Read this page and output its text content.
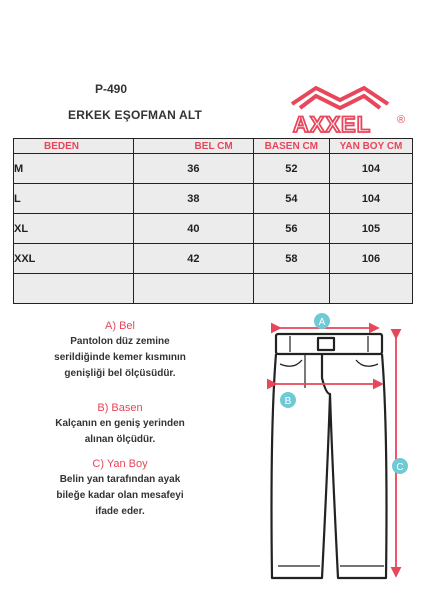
P-490
ERKEK EŞOFMAN ALT	AXXEL ®
BEDEN	BEL CM	BASEN CM	YAN BOY CM
M	36	52	104
L	38	54	104
XL	40	56	105
XXL	42	58	106

A) Bel
Pantolon düz zemine
serildiğinde kemer kısmının
genişliği bel ölçüsüdür.
B) Basen
Kalçanın en geniş yerinden
alınan ölçüdür.
C) Yan Boy
Belin yan tarafından ayak
bileğe kadar olan mesafeyi
ifade eder.
A
B
C
